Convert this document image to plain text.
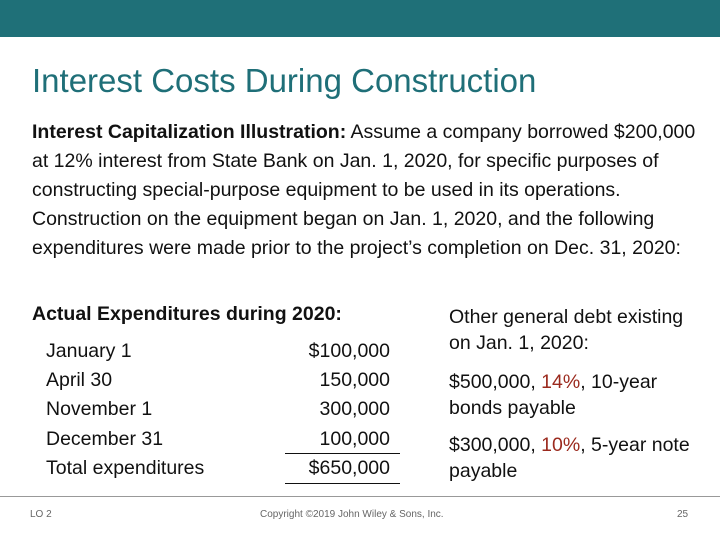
Interest Costs During Construction
Interest Capitalization Illustration: Assume a company borrowed $200,000 at 12% interest from State Bank on Jan. 1, 2020, for specific purposes of constructing special-purpose equipment to be used in its operations. Construction on the equipment began on Jan. 1, 2020, and the following expenditures were made prior to the project’s completion on Dec. 31, 2020:
Actual Expenditures during 2020:
January 1	$100,000
April 30	150,000
November 1	300,000
December 31	100,000
Total expenditures	$650,000
Other general debt existing on Jan. 1, 2020:
$500,000, 14%, 10-year bonds payable
$300,000, 10%, 5-year note payable
LO 2	Copyright ©2019 John Wiley & Sons, Inc.	25
